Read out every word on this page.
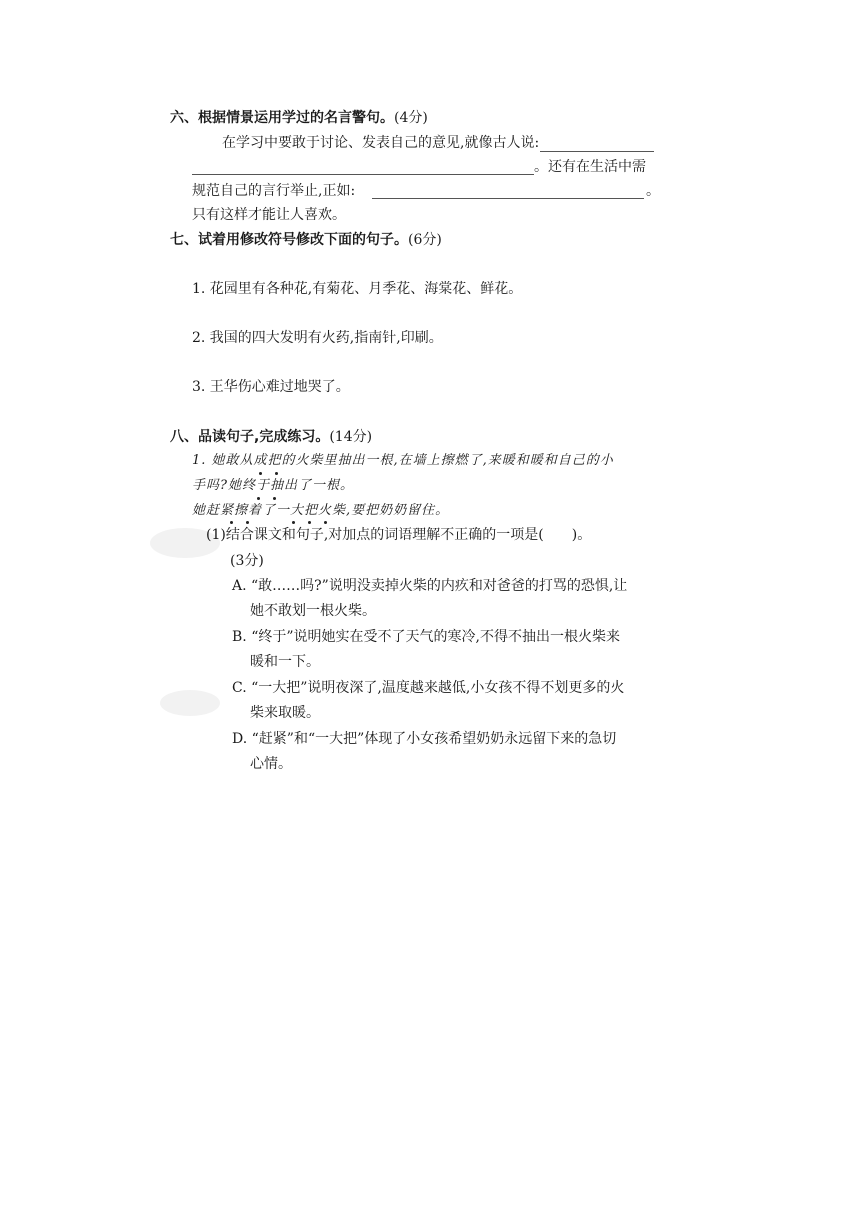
六、根据情景运用学过的名言警句。(4分)
在学习中要敢于讨论、发表自己的意见,就像古人说:
。还有在生活中需
规范自己的言行举止,正如:	。
只有这样才能让人喜欢。
七、试着用修改符号修改下面的句子。(6分)
1. 花园里有各种花,有菊花、月季花、海棠花、鲜花。
2. 我国的四大发明有火药,指南针,印刷。
3. 王华伤心难过地哭了。
八、品读句子,完成练习。(14分)
1. 她敢从成把的火柴里抽出一根,在墙上擦燃了,来暖和暖和自己的小
手吗?她终于抽出了一根。
她赶紧擦着了一大把火柴,要把奶奶留住。
(1)结合课文和句子,对加点的词语理解不正确的一项是(　　)。
(3分)
A. “敢……吗?”说明没卖掉火柴的内疚和对爸爸的打骂的恐惧,让
她不敢划一根火柴。
B. “终于”说明她实在受不了天气的寒冷,不得不抽出一根火柴来
暖和一下。
C. “一大把”说明夜深了,温度越来越低,小女孩不得不划更多的火
柴来取暖。
D. “赶紧”和“一大把”体现了小女孩希望奶奶永远留下来的急切
心情。
